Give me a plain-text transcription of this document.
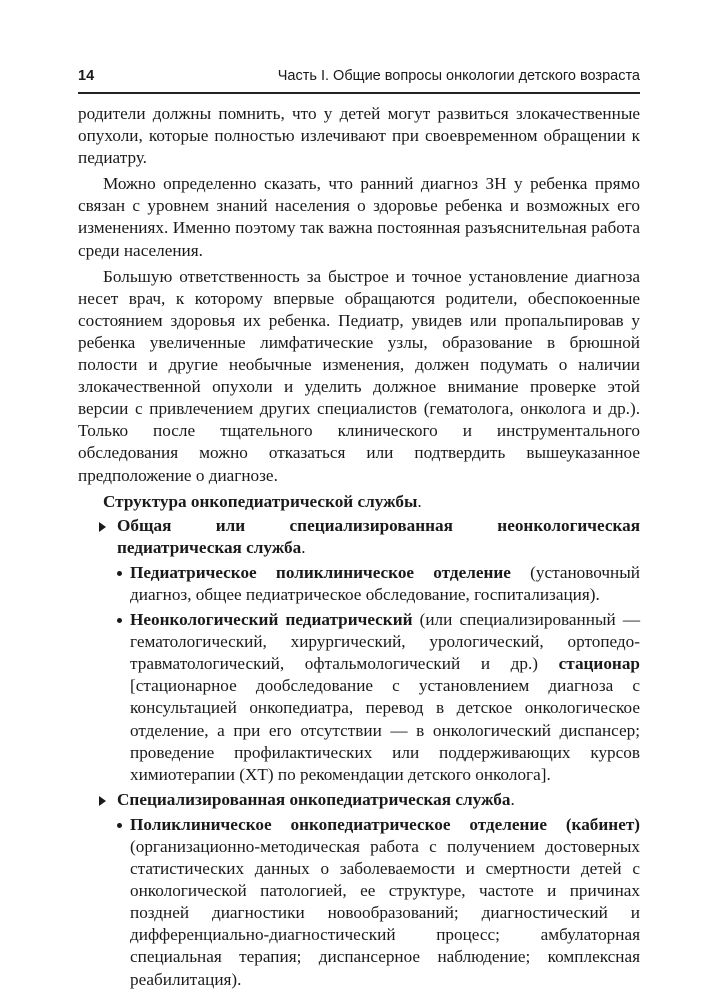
14	Часть I. Общие вопросы онкологии детского возраста

родители должны помнить, что у детей могут развиться злокачественные опухоли, которые полностью излечивают при своевременном обращении к педиатру.

Можно определенно сказать, что ранний диагноз ЗН у ребенка прямо связан с уровнем знаний населения о здоровье ребенка и возможных его изменениях. Именно поэтому так важна постоянная разъяснительная работа среди населения.

Большую ответственность за быстрое и точное установление диагноза несет врач, к которому впервые обращаются родители, обеспокоенные состоянием здоровья их ребенка. Педиатр, увидев или пропальпировав у ребенка увеличенные лимфатические узлы, образование в брюшной полости и другие необычные изменения, должен подумать о наличии злокачественной опухоли и уделить должное внимание проверке этой версии с привлечением других специалистов (гематолога, онколога и др.). Только после тщательного клинического и инструментального обследования можно отказаться или подтвердить вышеуказанное предположение о диагнозе.

Структура онкопедиатрической службы.
Общая или специализированная неонкологическая педиатрическая служба.
Педиатрическое поликлиническое отделение (установочный диагноз, общее педиатрическое обследование, госпитализация).
Неонкологический педиатрический (или специализированный — гематологический, хирургический, урологический, ортопедо-травматологический, офтальмологический и др.) стационар [стационарное дообследование с установлением диагноза с консультацией онкопедиатра, перевод в детское онкологическое отделение, а при его отсутствии — в онкологический диспансер; проведение профилактических или поддерживающих курсов химиотерапии (ХТ) по рекомендации детского онколога].
Специализированная онкопедиатрическая служба.
Поликлиническое онкопедиатрическое отделение (кабинет) (организационно-методическая работа с получением достоверных статистических данных о заболеваемости и смертности детей с онкологической патологией, ее структуре, частоте и причинах поздней диагностики новообразований; диагностический и дифференциально-диагностический процесс; амбулаторная специальная терапия; диспансерное наблюдение; комплексная реабилитация).
